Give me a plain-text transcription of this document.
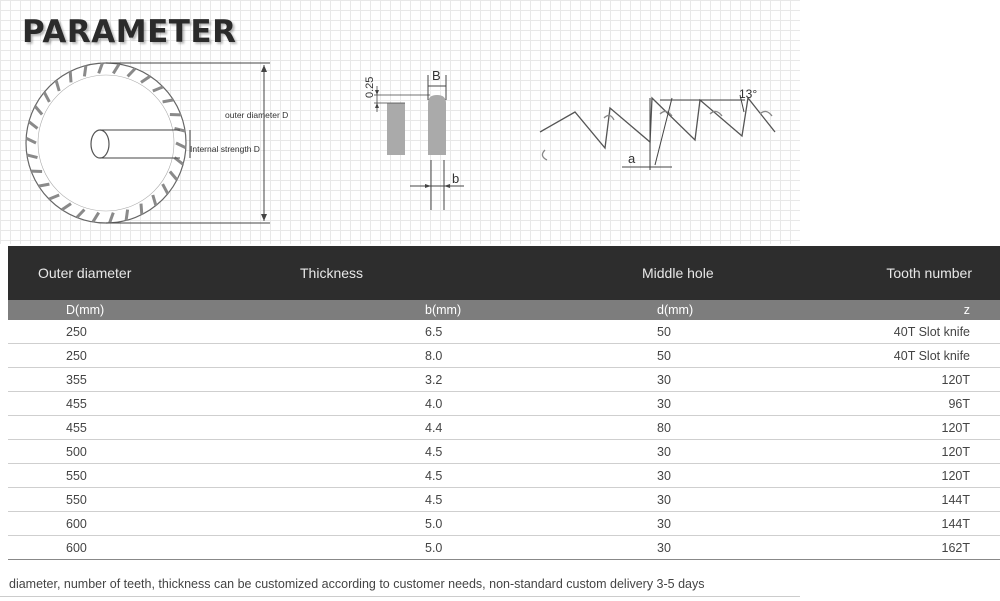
PARAMETER
outer diameter D
Internal strength D
0.25
B
b
a
13°
Outer diameter	Thickness	Middle hole	Tooth number
D(mm)	b(mm)	d(mm)	z
250	6.5	50	40T Slot knife
250	8.0	50	40T Slot knife
355	3.2	30	120T
455	4.0	30	96T
455	4.4	80	120T
500	4.5	30	120T
550	4.5	30	120T
550	4.5	30	144T
600	5.0	30	144T
600	5.0	30	162T
diameter, number of teeth, thickness can be customized according to customer needs, non-standard custom delivery 3-5 days
